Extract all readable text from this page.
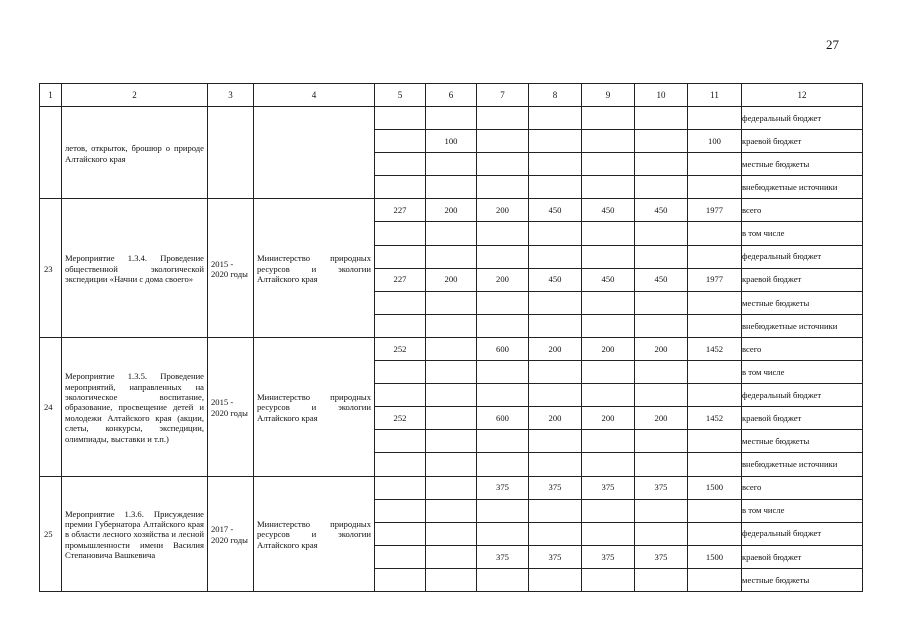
27
1	2	3	4	5	6	7	8	9	10	11	12

	летов, открыток, брошюр о природе Алтайского края										федеральный бюджет
					100					100	краевой бюджет
											местные бюджеты
											внебюджетные источники

23	Мероприятие 1.3.4. Проведение общественной экологической экспедиции «Начни с дома своего»	2015 - 2020 годы	Министерство природных ресурсов и экологии Алтайского края	227	200	200	450	450	450	1977	всего
											в том числе
											федеральный бюджет
				227	200	200	450	450	450	1977	краевой бюджет
											местные бюджеты
											внебюджетные источники

24	Мероприятие 1.3.5. Проведение мероприятий, направленных на экологическое воспитание, образование, просвещение детей и молодежи Алтайского края (акции, слеты, конкурсы, экспедиции, олимпиады, выставки и т.п.)	2015 - 2020 годы	Министерство природных ресурсов и экологии Алтайского края	252		600	200	200	200	1452	всего
											в том числе
											федеральный бюджет
				252		600	200	200	200	1452	краевой бюджет
											местные бюджеты
											внебюджетные источники

25	Мероприятие 1.3.6. Присуждение премии Губернатора Алтайского края в области лесного хозяйства и лесной промышленности имени Василия Степановича Вашкевича	2017 - 2020 годы	Министерство природных ресурсов и экологии Алтайского края			375	375	375	375	1500	всего
											в том числе
											федеральный бюджет
						375	375	375	375	1500	краевой бюджет
											местные бюджеты
